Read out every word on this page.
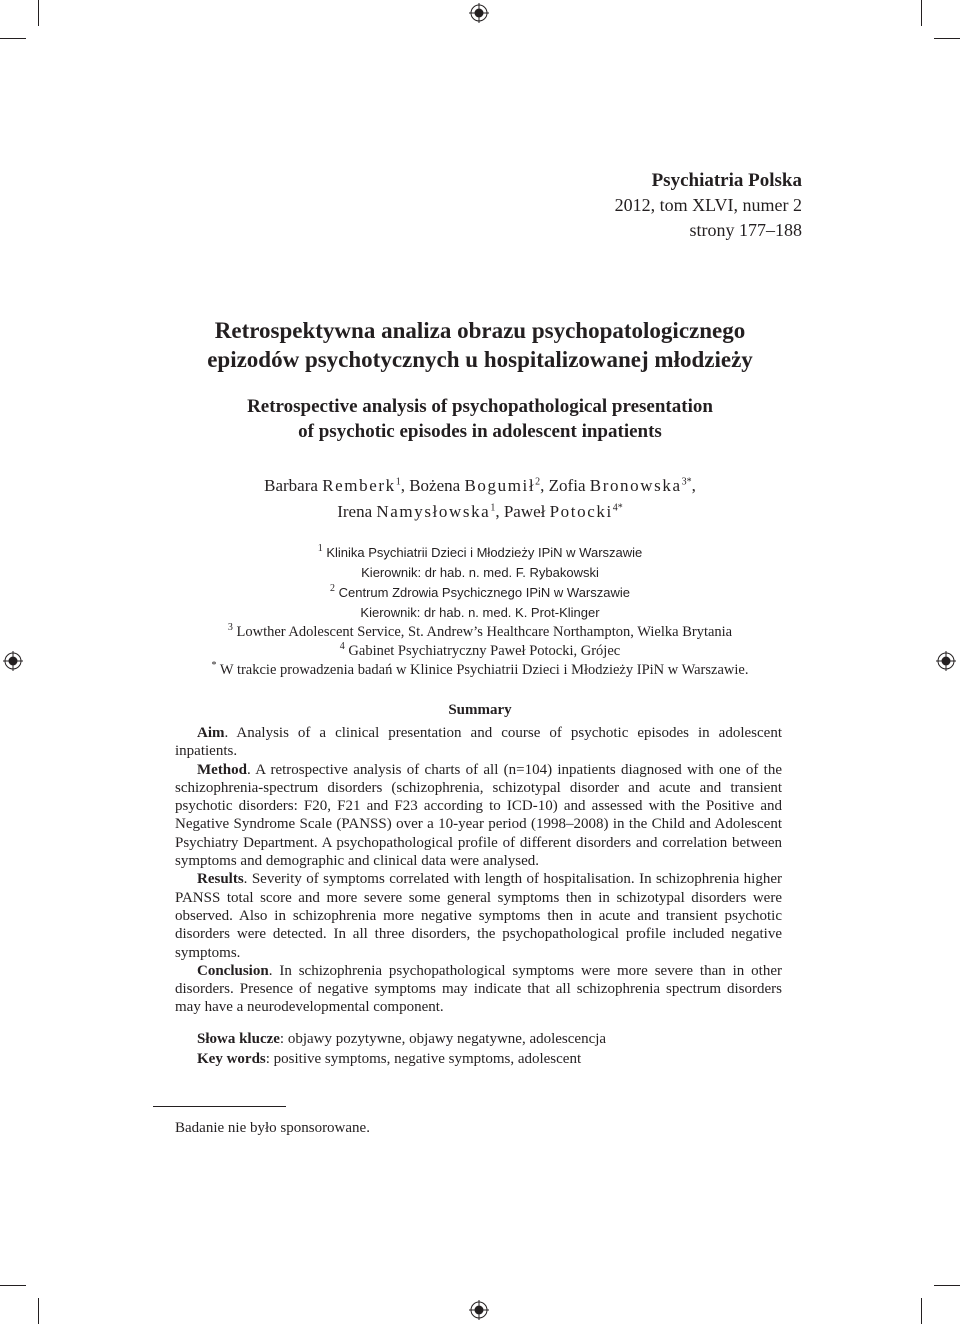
Psychiatria Polska
2012, tom XLVI, numer 2
strony 177–188
Retrospektywna analiza obrazu psychopatologicznego
epizodów psychotycznych u hospitalizowanej młodzieży
Retrospective analysis of psychopathological presentation
of psychotic episodes in adolescent inpatients
Barbara Remberk$^1$, Bożena Bogumił$^2$, Zofia Bronowska$^{3*}$,
Irena Namysłowska$^1$, Paweł Potocki$^{4*}$
$^1$ Klinika Psychiatrii Dzieci i Młodzieży IPiN w Warszawie
Kierownik: dr hab. n. med. F. Rybakowski
$^2$ Centrum Zdrowia Psychicznego IPiN w Warszawie
Kierownik: dr hab. n. med. K. Prot-Klinger
$^3$ Lowther Adolescent Service, St. Andrew’s Healthcare Northampton, Wielka Brytania
$^4$ Gabinet Psychiatryczny Paweł Potocki, Grójec
* W trakcie prowadzenia badań w Klinice Psychiatrii Dzieci i Młodzieży IPiN w Warszawie.
Summary

Aim. Analysis of a clinical presentation and course of psychotic episodes in adolescent inpatients.

Method. A retrospective analysis of charts of all (n=104) inpatients diagnosed with one of the schizophrenia-spectrum disorders (schizophrenia, schizotypal disorder and acute and transient psychotic disorders: F20, F21 and F23 according to ICD-10) and assessed with the Positive and Negative Syndrome Scale (PANSS) over a 10-year period (1998–2008) in the Child and Adolescent Psychiatry Department. A psychopathological profile of different disorders and correlation between symptoms and demographic and clinical data were analysed.

Results. Severity of symptoms correlated with length of hospitalisation. In schizophrenia higher PANSS total score and more severe some general symptoms then in schizotypal disorders were observed. Also in schizophrenia more negative symptoms then in acute and transient psychotic disorders were detected. In all three disorders, the psychopathological profile included negative symptoms.

Conclusion. In schizophrenia psychopathological symptoms were more severe than in other disorders. Presence of negative symptoms may indicate that all schizophrenia spectrum disorders may have a neurodevelopmental component.

Słowa klucze: objawy pozytywne, objawy negatywne, adolescencja
Key words: positive symptoms, negative symptoms, adolescent
Badanie nie było sponsorowane.
